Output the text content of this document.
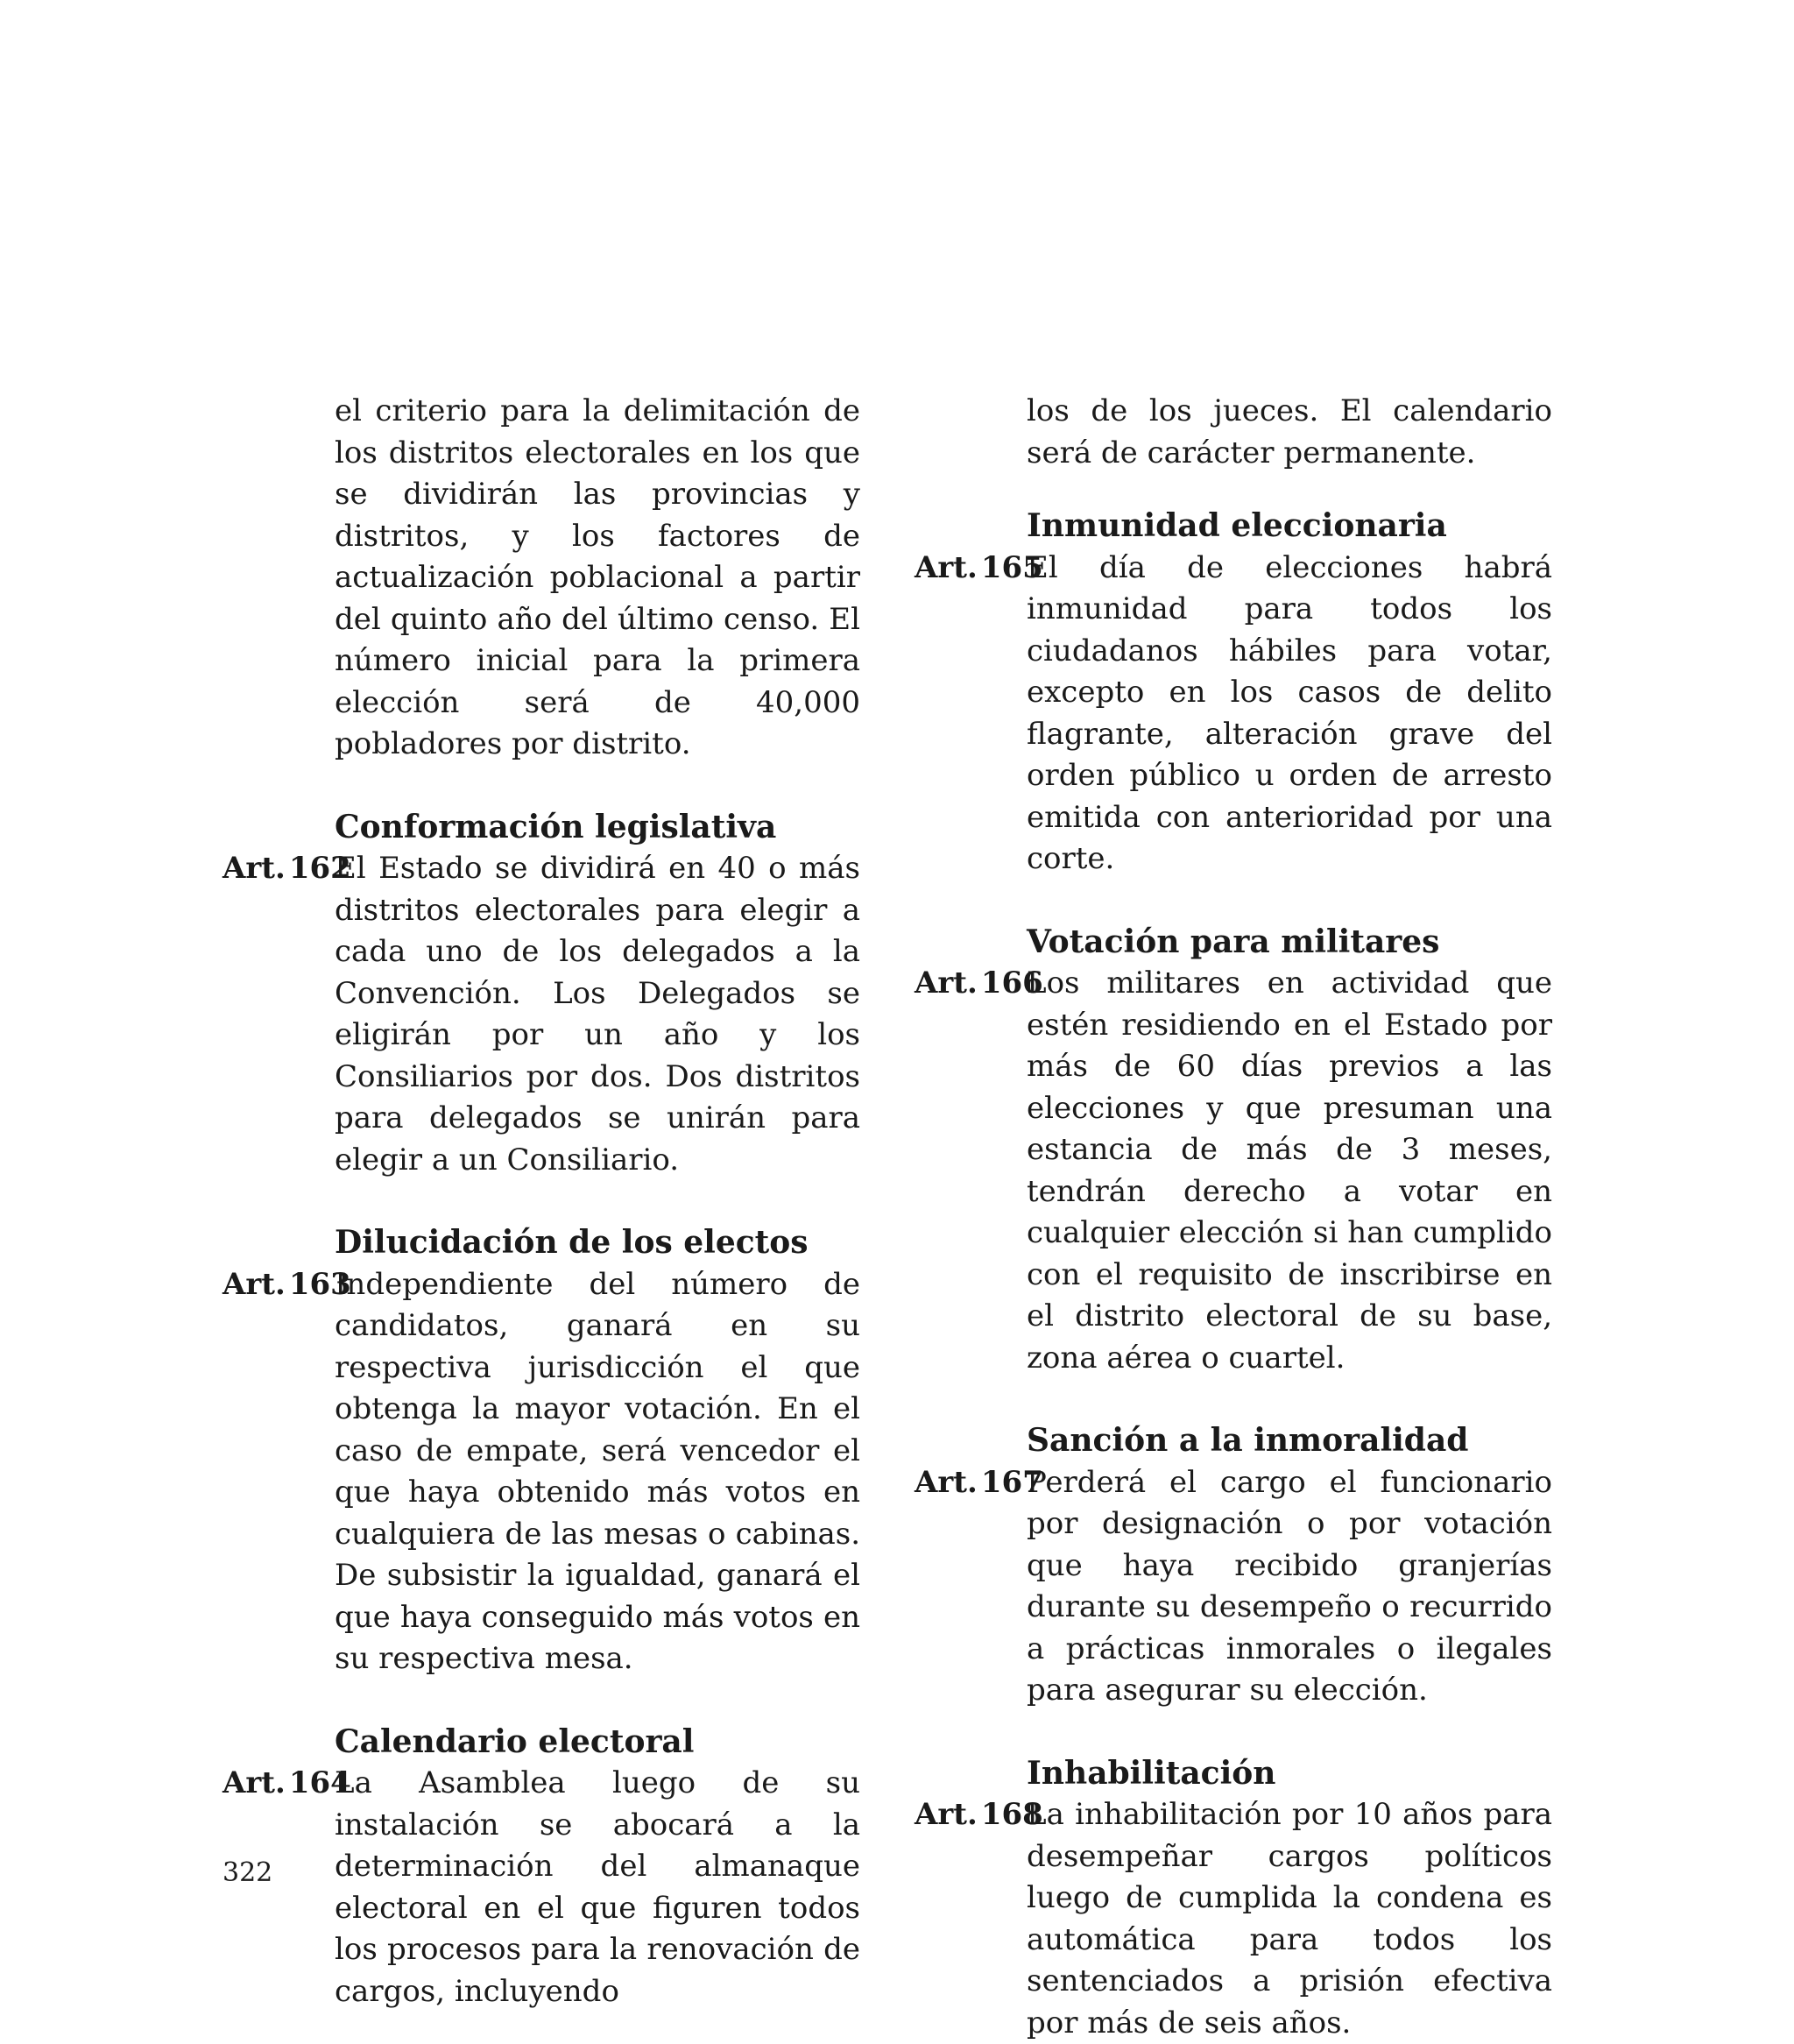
el criterio para la delimitación de los distritos electorales en los que se dividirán las provincias y distritos, y los factores de actualización poblacional a partir del quinto año del último censo. El número inicial para la primera elección será de 40,000 pobladores por distrito.

Conformación legislativa
Art. 162

El Estado se dividirá en 40 o más distritos electorales para elegir a cada uno de los delegados a la Convención. Los Delegados se eligirán por un año y los Consiliarios por dos. Dos distritos para delegados se unirán para elegir a un Consiliario.

Dilucidación de los electos
Art. 163

Independiente del número de candidatos, ganará en su respectiva jurisdicción el que obtenga la mayor votación. En el caso de empate, será vencedor el que haya obtenido más votos en cualquiera de las mesas o cabinas. De subsistir la igualdad, ganará el que haya conseguido más votos en su respectiva mesa.

Calendario electoral
Art. 164

La Asamblea luego de su instalación se abocará a la determinación del almanaque electoral en el que figuren todos los procesos para la renovación de cargos, incluyendo

los de los jueces. El calendario será de carácter permanente.

Inmunidad eleccionaria
Art. 165

El día de elecciones habrá inmunidad para todos los ciudadanos hábiles para votar, excepto en los casos de delito flagrante, alteración grave del orden público u orden de arresto emitida con anterioridad por una corte.

Votación para militares
Art. 166

Los militares en actividad que estén residiendo en el Estado por más de 60 días previos a las elecciones y que presuman una estancia de más de 3 meses, tendrán derecho a votar en cualquier elección si han cumplido con el requisito de inscribirse en el distrito electoral de su base, zona aérea o cuartel.

Sanción a la inmoralidad
Art. 167

Perderá el cargo el funcionario por designación o por votación que haya recibido granjerías durante su desempeño o recurrido a prácticas inmorales o ilegales para asegurar su elección.

Inhabilitación
Art. 168

La inhabilitación por 10 años para desempeñar cargos políticos luego de cumplida la condena es automática para todos los sentenciados a prisión efectiva por más de seis años.

322
